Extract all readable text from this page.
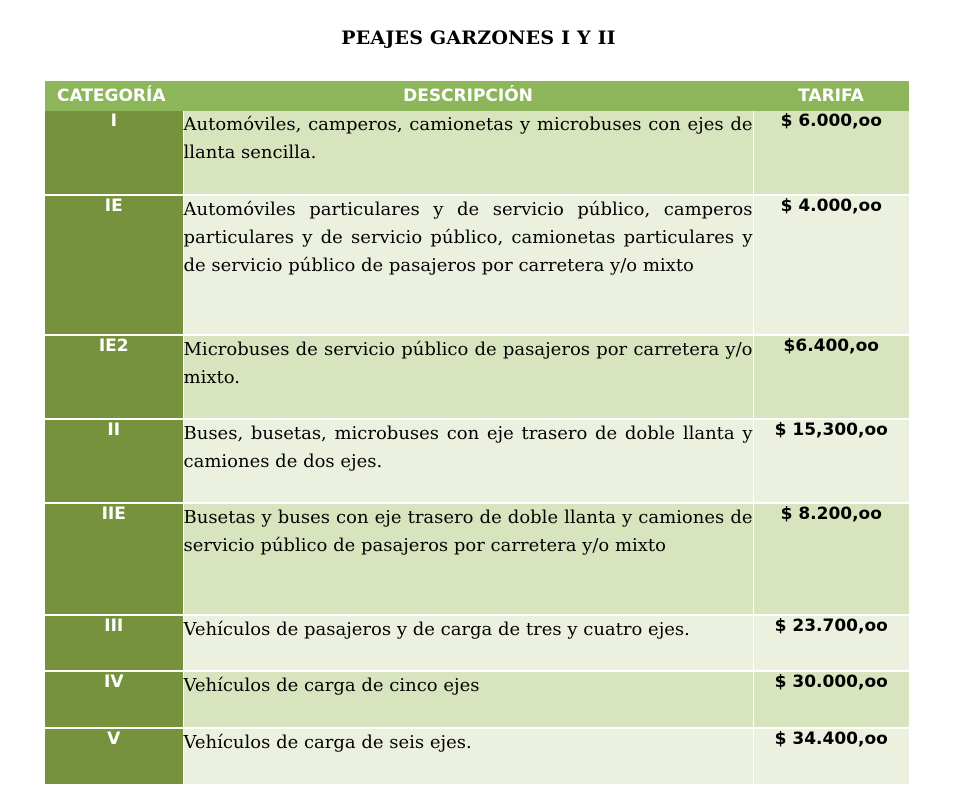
PEAJES GARZONES I Y II
CATEGORÍA	DESCRIPCIÓN	TARIFA
I	Automóviles, camperos, camionetas y microbuses con ejes de llanta sencilla.	$ 6.000,oo
IE	Automóviles particulares y de servicio público, camperos particulares y de servicio público, camionetas particulares y de servicio público de pasajeros por carretera y/o mixto	$ 4.000,oo
IE2	Microbuses de servicio público de pasajeros por carretera y/o mixto.	$6.400,oo
II	Buses, busetas, microbuses con eje trasero de doble llanta y camiones de dos ejes.	$ 15,300,oo
IIE	Busetas y buses con eje trasero de doble llanta y camiones de servicio público de pasajeros por carretera y/o mixto	$ 8.200,oo
III	Vehículos de pasajeros y de carga de tres y cuatro ejes.	$ 23.700,oo
IV	Vehículos de carga de cinco ejes	$ 30.000,oo
V	Vehículos de carga de seis ejes.	$ 34.400,oo
